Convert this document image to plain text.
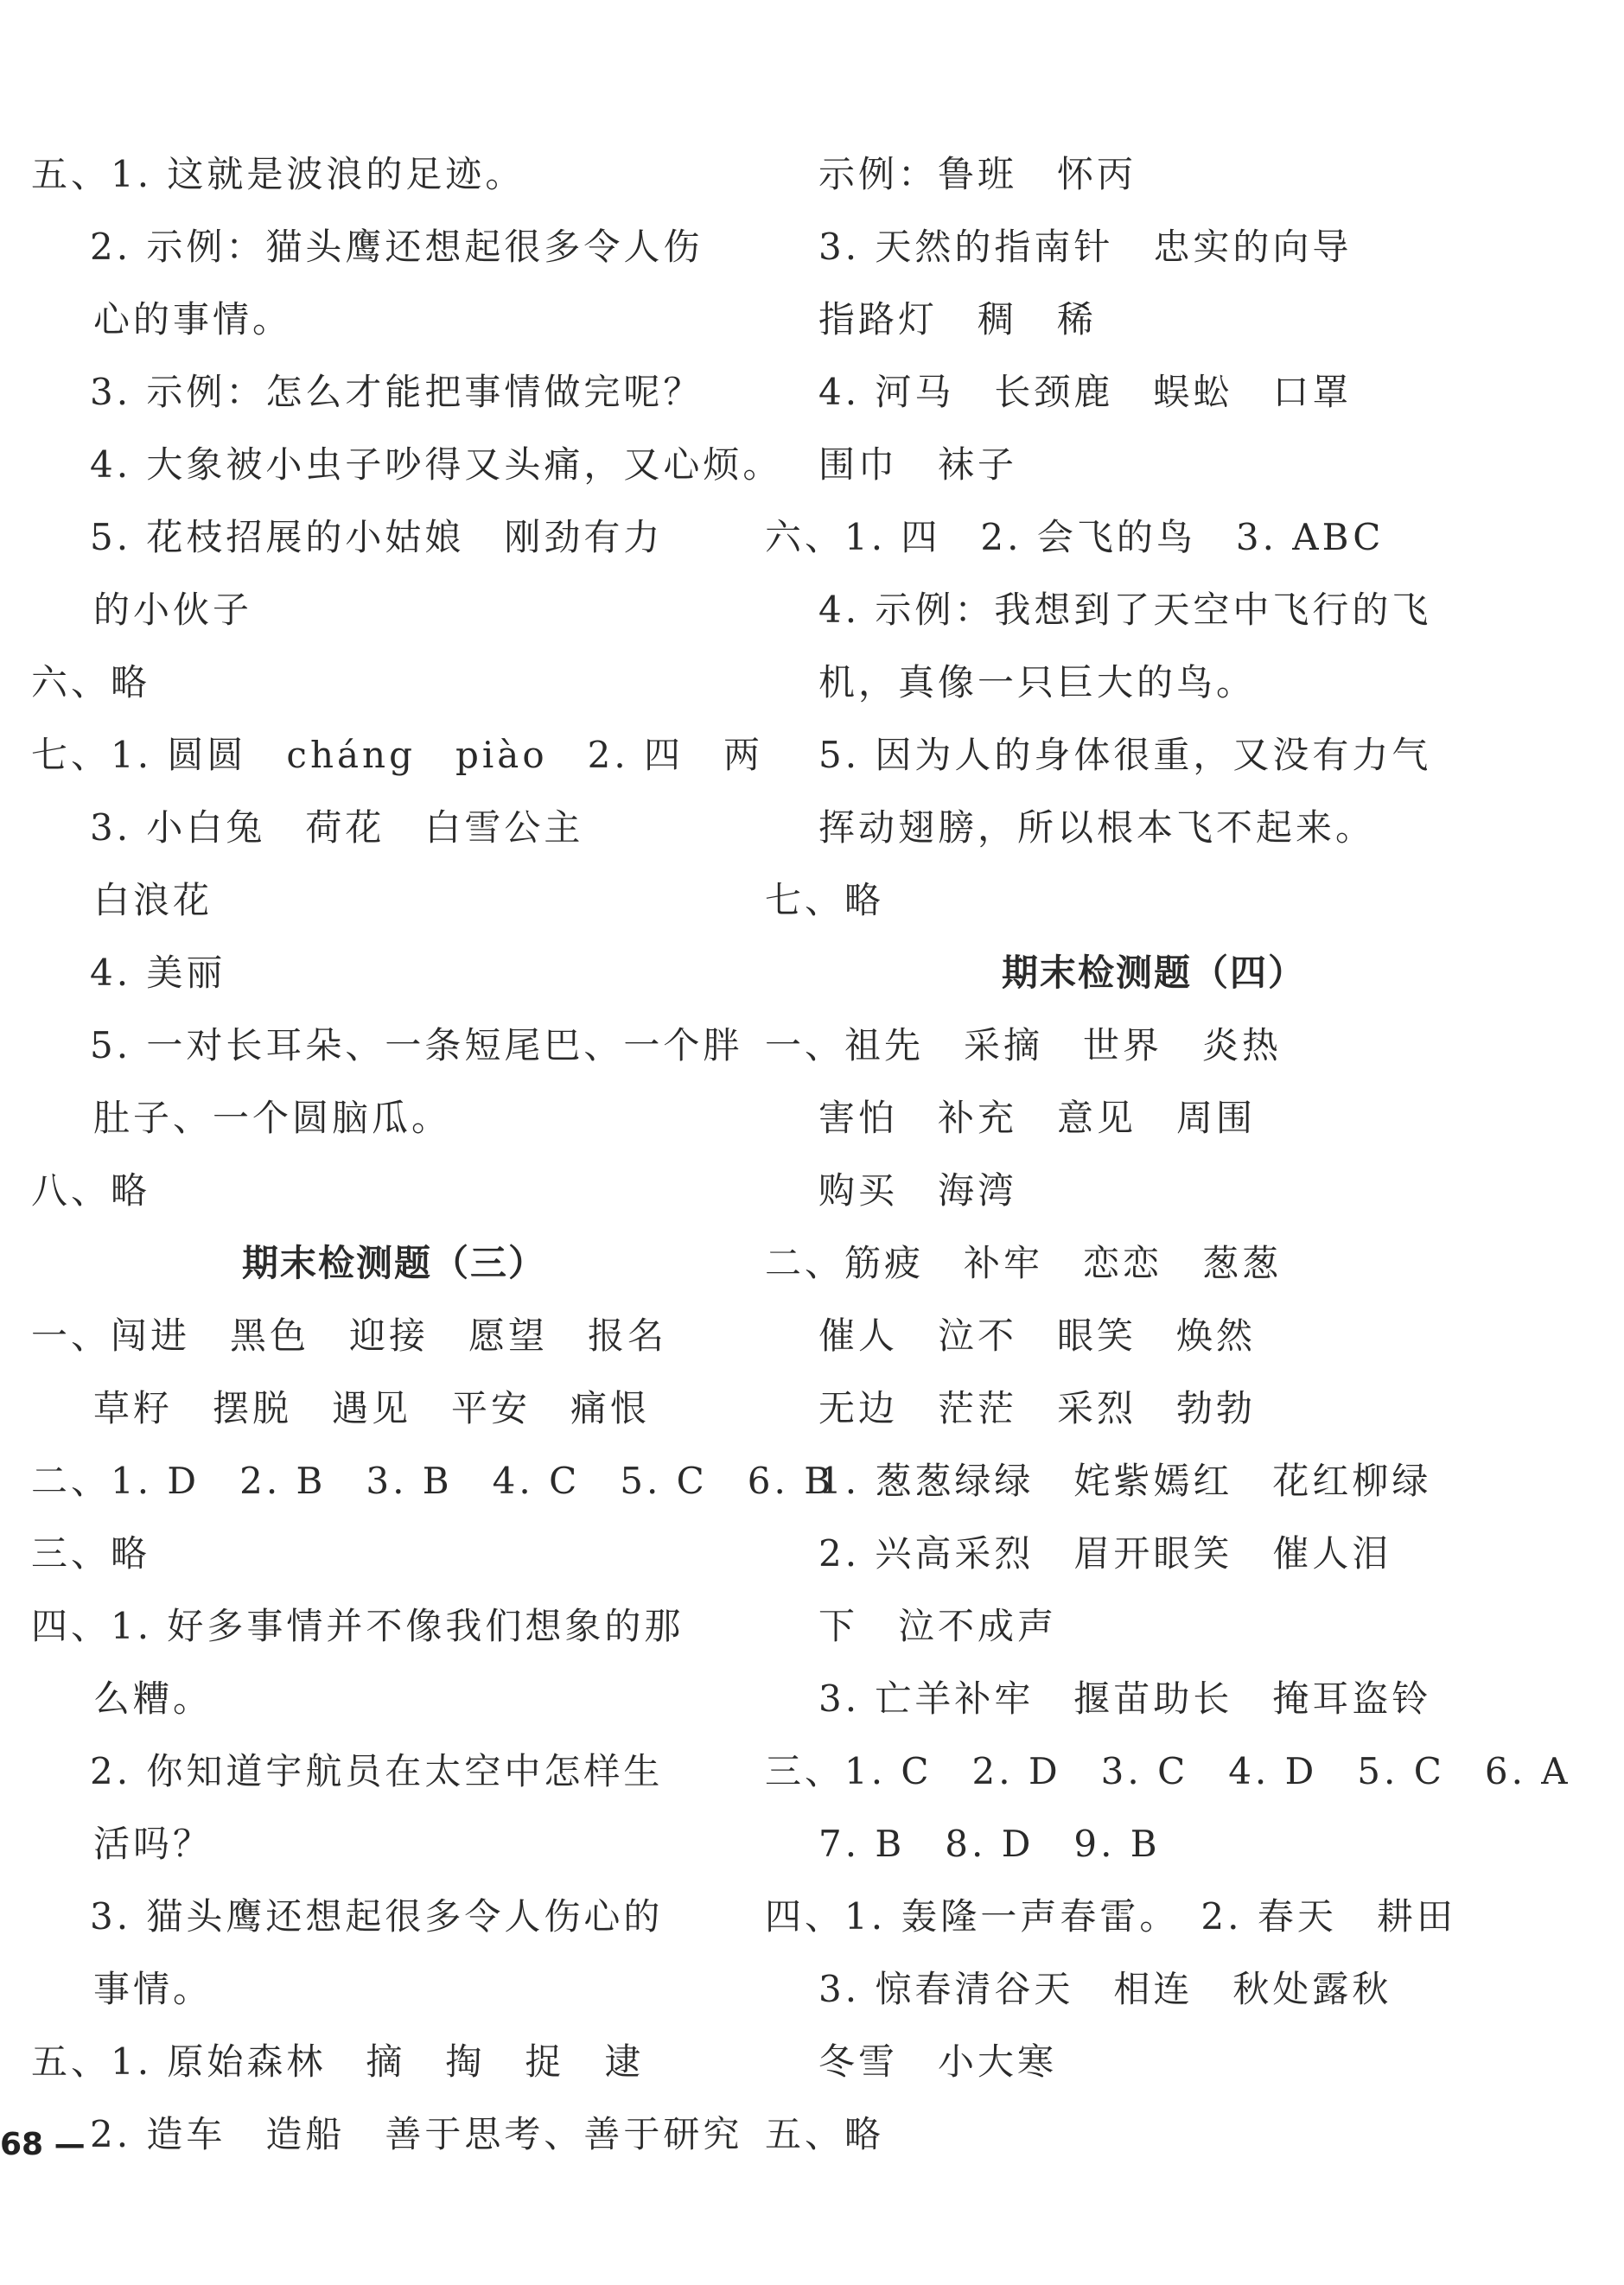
五、1. 这就是波浪的足迹。
2. 示例：猫头鹰还想起很多令人伤
心的事情。
3. 示例：怎么才能把事情做完呢？
4. 大象被小虫子吵得又头痛，又心烦。
5. 花枝招展的小姑娘　刚劲有力
的小伙子
六、略
七、1. 圆圆　cháng　piào　2. 四　两
3. 小白兔　荷花　白雪公主
白浪花
4. 美丽
5. 一对长耳朵、一条短尾巴、一个胖
肚子、一个圆脑瓜。
八、略
期末检测题（三）
一、闯进　黑色　迎接　愿望　报名
草籽　摆脱　遇见　平安　痛恨
二、1. D　2. B　3. B　4. C　5. C　6. B
三、略
四、1. 好多事情并不像我们想象的那
么糟。
2. 你知道宇航员在太空中怎样生
活吗？
3. 猫头鹰还想起很多令人伤心的
事情。
五、1. 原始森林　摘　掏　捉　逮
2. 造车　造船　善于思考、善于研究
示例：鲁班　怀丙
3. 天然的指南针　忠实的向导
指路灯　稠　稀
4. 河马　长颈鹿　蜈蚣　口罩
围巾　袜子
六、1. 四　2. 会飞的鸟　3. ABC
4. 示例：我想到了天空中飞行的飞
机，真像一只巨大的鸟。
5. 因为人的身体很重，又没有力气
挥动翅膀，所以根本飞不起来。
七、略
期末检测题（四）
一、祖先　采摘　世界　炎热
害怕　补充　意见　周围
购买　海湾
二、筋疲　补牢　恋恋　葱葱
催人　泣不　眼笑　焕然
无边　茫茫　采烈　勃勃
1. 葱葱绿绿　姹紫嫣红　花红柳绿
2. 兴高采烈　眉开眼笑　催人泪
下　泣不成声
3. 亡羊补牢　揠苗助长　掩耳盗铃
三、1. C　2. D　3. C　4. D　5. C　6. A
7. B　8. D　9. B
四、1. 轰隆一声春雷。　2. 春天　耕田
3. 惊春清谷天　相连　秋处露秋
冬雪　小大寒
五、略
68 —
